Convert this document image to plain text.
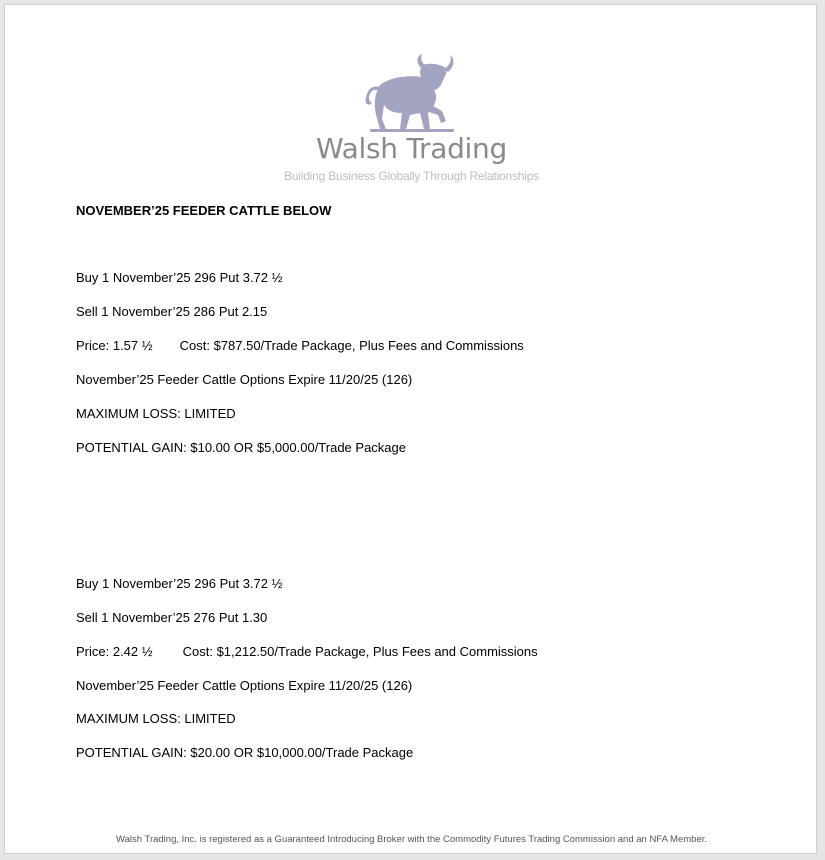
Walsh Trading
Building Business Globally Through Relationships
NOVEMBER’25 FEEDER CATTLE BELOW
Buy 1 November’25 296 Put 3.72 ½
Sell 1 November’25 286 Put 2.15
Price: 1.57 ½ Cost: $787.50/Trade Package, Plus Fees and Commissions
November’25 Feeder Cattle Options Expire 11/20/25 (126)
MAXIMUM LOSS: LIMITED
POTENTIAL GAIN: $10.00 OR $5,000.00/Trade Package
Buy 1 November’25 296 Put 3.72 ½
Sell 1 November’25 276 Put 1.30
Price: 2.42 ½ Cost: $1,212.50/Trade Package, Plus Fees and Commissions
November’25 Feeder Cattle Options Expire 11/20/25 (126)
MAXIMUM LOSS: LIMITED
POTENTIAL GAIN: $20.00 OR $10,000.00/Trade Package
Walsh Trading, Inc. is registered as a Guaranteed Introducing Broker with the Commodity Futures Trading Commission and an NFA Member.
